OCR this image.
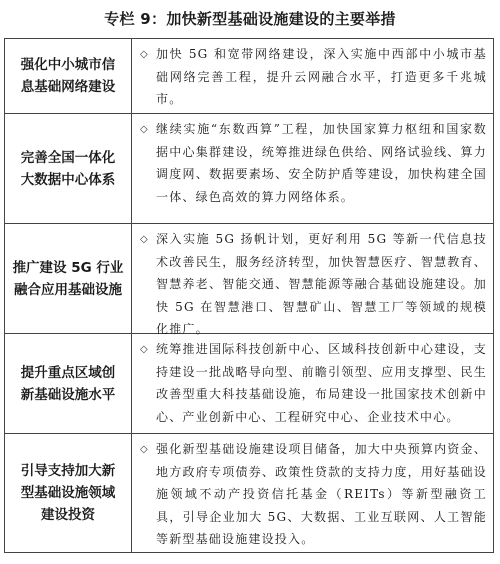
专栏 9：加快新型基础设施建设的主要举措
强化中小城市信息基础网络建设
◇ 加快 5G 和宽带网络建设，深入实施中西部中小城市基础网络完善工程，提升云网融合水平，打造更多千兆城市。
完善全国一体化大数据中心体系
◇ 继续实施“东数西算”工程，加快国家算力枢纽和国家数据中心集群建设，统筹推进绿色供给、网络试验线、算力调度网、数据要素场、安全防护盾等建设，加快构建全国一体、绿色高效的算力网络体系。
推广建设 5G 行业融合应用基础设施
◇ 深入实施 5G 扬帆计划，更好利用 5G 等新一代信息技术改善民生，服务经济转型，加快智慧医疗、智慧教育、智慧养老、智能交通、智慧能源等融合基础设施建设。加快 5G 在智慧港口、智慧矿山、智慧工厂等领域的规模化推广。
提升重点区域创新基础设施水平
◇ 统筹推进国际科技创新中心、区域科技创新中心建设，支持建设一批战略导向型、前瞻引领型、应用支撑型、民生改善型重大科技基础设施，布局建设一批国家技术创新中心、产业创新中心、工程研究中心、企业技术中心。
引导支持加大新型基础设施领域建设投资
◇ 强化新型基础设施建设项目储备，加大中央预算内资金、地方政府专项债券、政策性贷款的支持力度，用好基础设施领域不动产投资信托基金（REITs）等新型融资工具，引导企业加大 5G、大数据、工业互联网、人工智能等新型基础设施建设投入。
